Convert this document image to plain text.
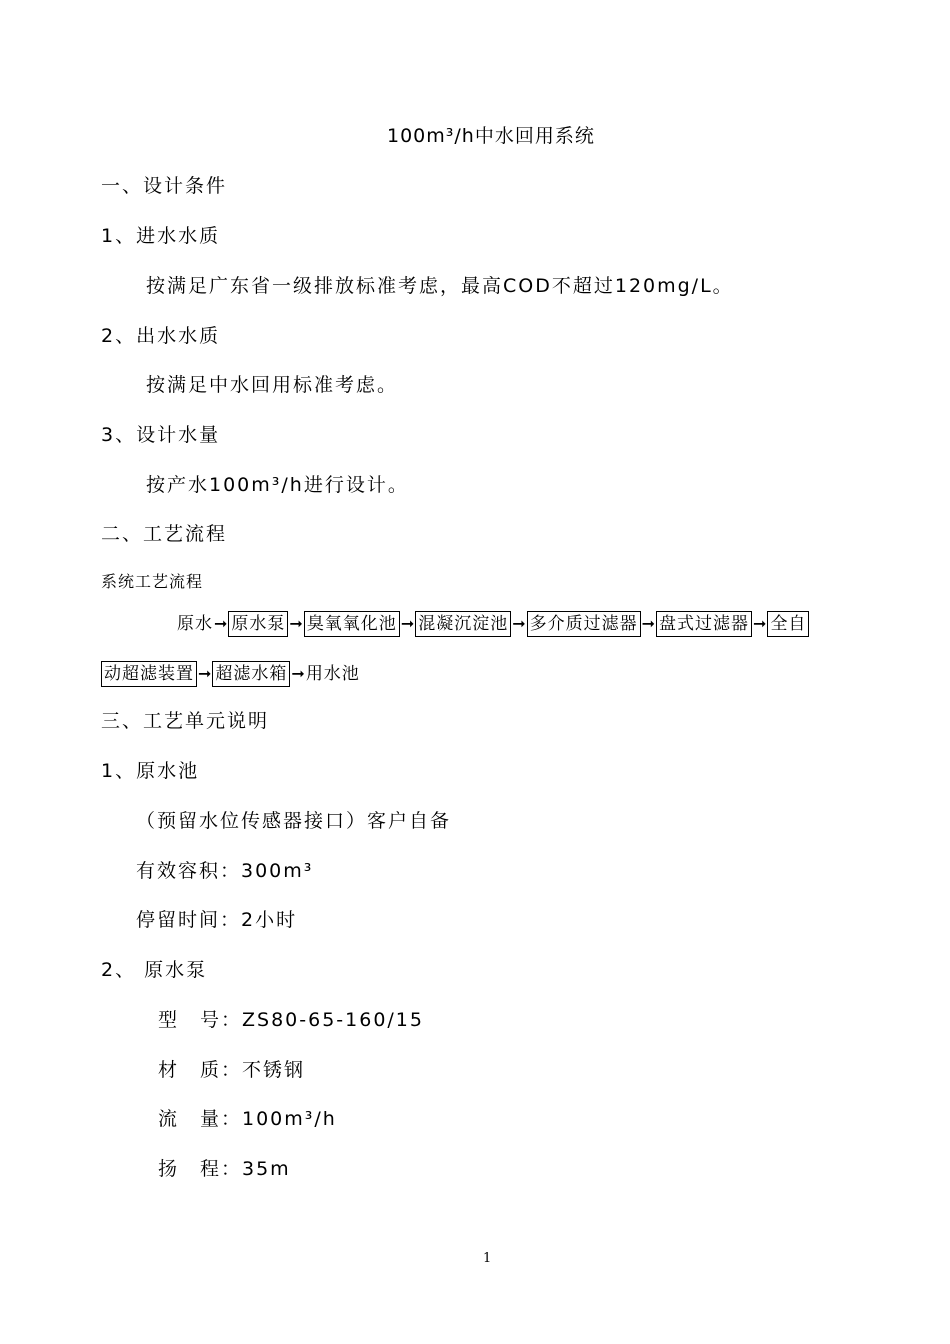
100m³/h中水回用系统
一、设计条件
1、进水水质
按满足广东省一级排放标准考虑，最高COD不超过120mg/L。
2、出水水质
按满足中水回用标准考虑。
3、设计水量
按产水100m³/h进行设计。
二、工艺流程
系统工艺流程
原水 ➞ 原水泵 ➞ 臭氧氧化池 ➞ 混凝沉淀池 ➞ 多介质过滤器 ➞ 盘式过滤器 ➞ 全自
动超滤装置 ➞ 超滤水箱 ➞ 用水池
三、工艺单元说明
1、原水池
（预留水位传感器接口）客户自备
有效容积：300m³
停留时间：2小时
2、 原水泵
型　号：ZS80-65-160/15
材　质：不锈钢
流　量：100m³/h
扬　程：35m
1
